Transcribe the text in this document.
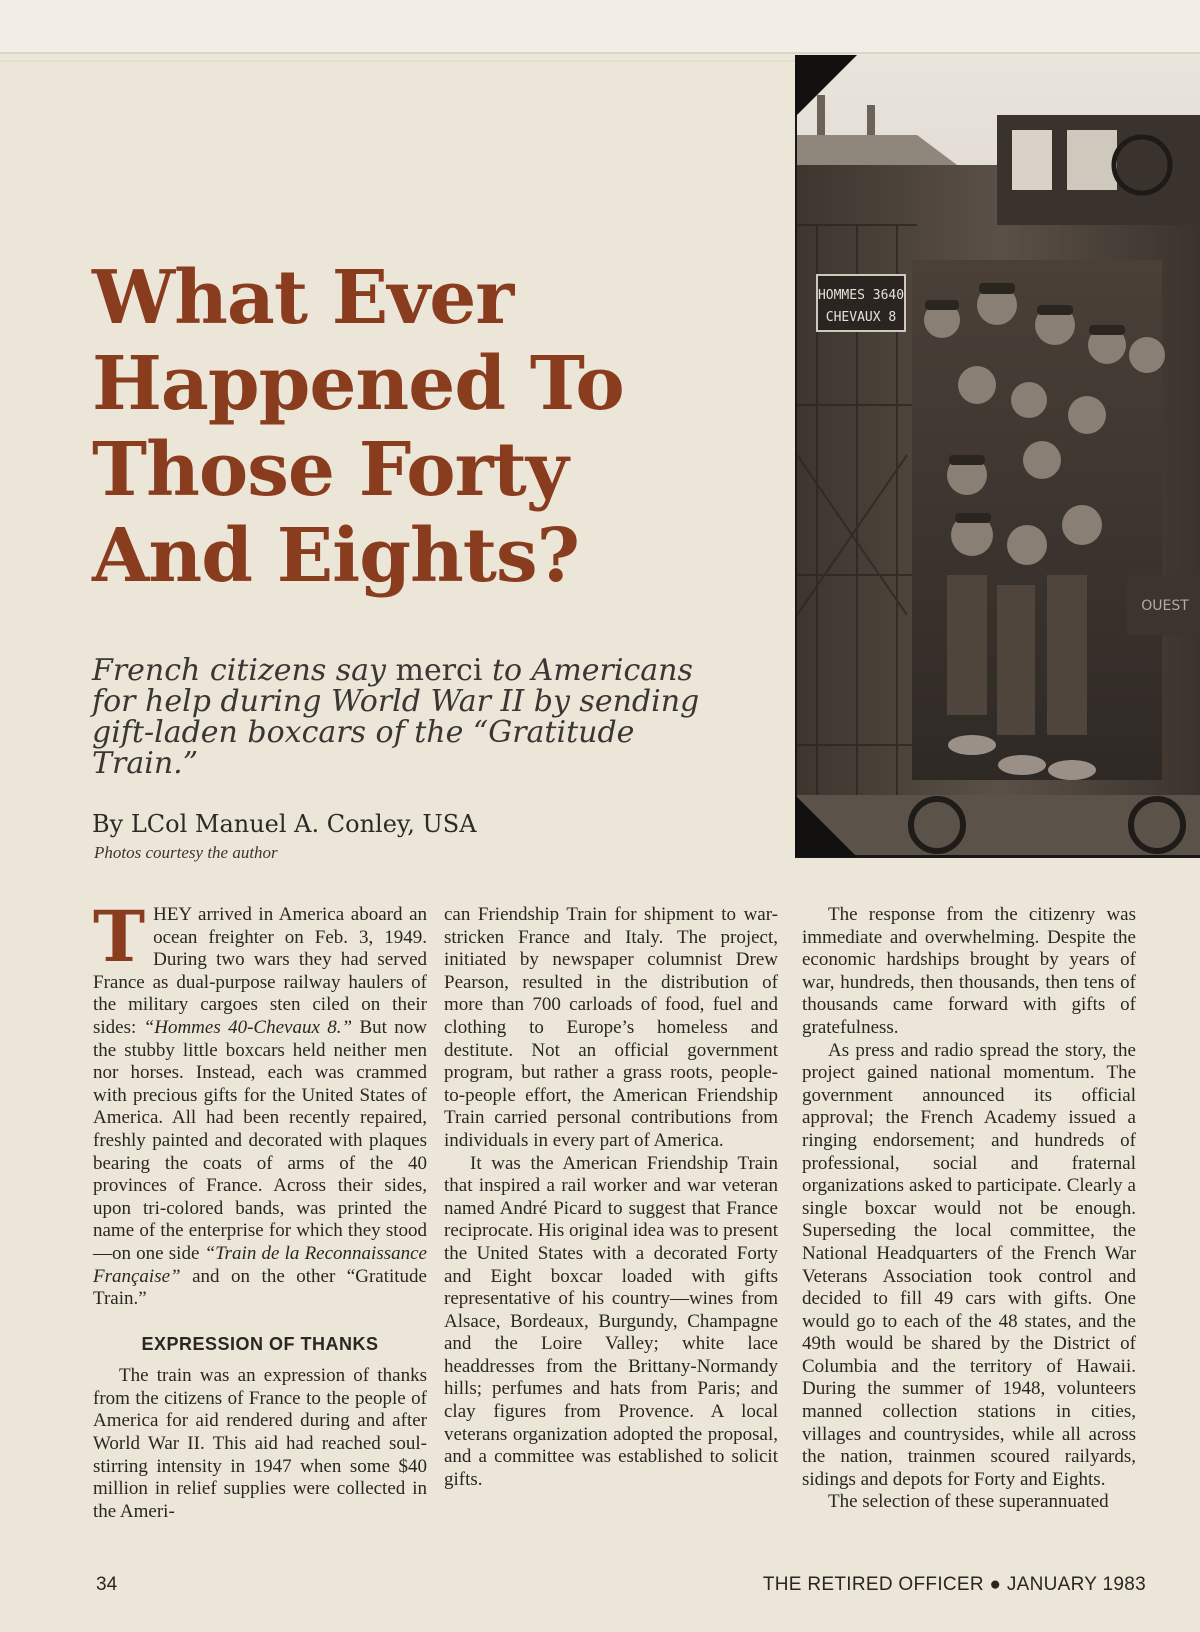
What Ever
Happened To
Those Forty
And Eights?

French citizens say merci to Americans for help during World War II by sending gift-laden boxcars of the “Gratitude Train.”

By LCol Manuel A. Conley, USA

Photos courtesy the author

HOMMES 3640
CHEVAUX 8
OUEST

THEY arrived in America aboard an ocean freighter on Feb. 3, 1949. During two wars they had served France as dual-purpose railway haulers of the military cargoes sten ciled on their sides: “Hommes 40-Chevaux 8.” But now the stubby little boxcars held neither men nor horses. Instead, each was crammed with precious gifts for the United States of America. All had been recently repaired, freshly painted and decorated with plaques bearing the coats of arms of the 40 provinces of France. Across their sides, upon tri-colored bands, was printed the name of the enterprise for which they stood—on one side “Train de la Reconnaissance Française” and on the other “Gratitude Train.”

EXPRESSION OF THANKS

The train was an expression of thanks from the citizens of France to the people of America for aid rendered during and after World War II. This aid had reached soul-stirring intensity in 1947 when some $40 million in relief supplies were collected in the Ameri-

can Friendship Train for shipment to war-stricken France and Italy. The project, initiated by newspaper columnist Drew Pearson, resulted in the distribution of more than 700 carloads of food, fuel and clothing to Europe’s homeless and destitute. Not an official government program, but rather a grass roots, people-to-people effort, the American Friendship Train carried personal contributions from individuals in every part of America.

It was the American Friendship Train that inspired a rail worker and war veteran named André Picard to suggest that France reciprocate. His original idea was to present the United States with a decorated Forty and Eight boxcar loaded with gifts representative of his country—wines from Alsace, Bordeaux, Burgundy, Champagne and the Loire Valley; white lace headdresses from the Brittany-Normandy hills; perfumes and hats from Paris; and clay figures from Provence. A local veterans organization adopted the proposal, and a committee was established to solicit gifts.

The response from the citizenry was immediate and overwhelming. Despite the economic hardships brought by years of war, hundreds, then thousands, then tens of thousands came forward with gifts of gratefulness.

As press and radio spread the story, the project gained national momentum. The government announced its official approval; the French Academy issued a ringing endorsement; and hundreds of professional, social and fraternal organizations asked to participate. Clearly a single boxcar would not be enough. Superseding the local committee, the National Headquarters of the French War Veterans Association took control and decided to fill 49 cars with gifts. One would go to each of the 48 states, and the 49th would be shared by the District of Columbia and the territory of Hawaii. During the summer of 1948, volunteers manned collection stations in cities, villages and countrysides, while all across the nation, trainmen scoured railyards, sidings and depots for Forty and Eights.

The selection of these superannuated

34	THE RETIRED OFFICER ● JANUARY 1983
